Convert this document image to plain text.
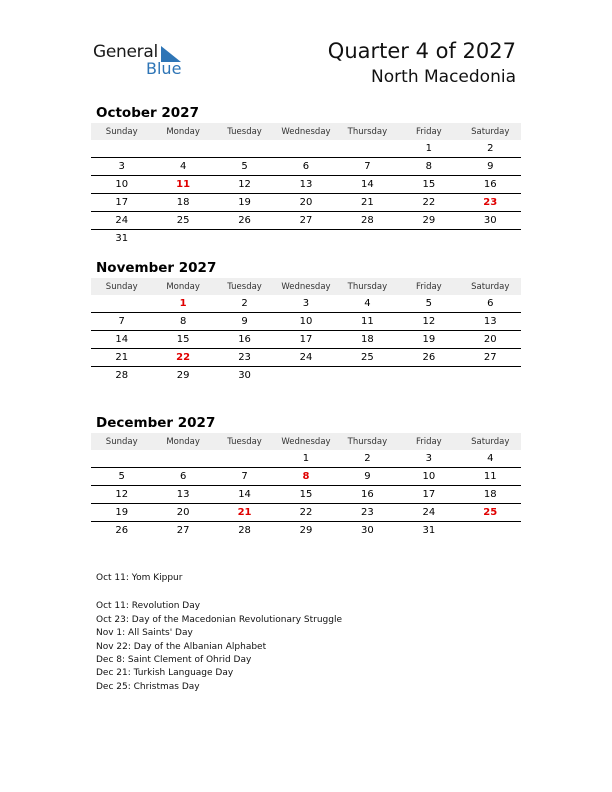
General
Blue
Quarter 4 of 2027
North Macedonia
October 2027
Sunday	Monday	Tuesday	Wednesday	Thursday	Friday	Saturday
					1	2
3	4	5	6	7	8	9
10	11	12	13	14	15	16
17	18	19	20	21	22	23
24	25	26	27	28	29	30
31						
November 2027
Sunday	Monday	Tuesday	Wednesday	Thursday	Friday	Saturday
	1	2	3	4	5	6
7	8	9	10	11	12	13
14	15	16	17	18	19	20
21	22	23	24	25	26	27
28	29	30				
December 2027
Sunday	Monday	Tuesday	Wednesday	Thursday	Friday	Saturday
			1	2	3	4
5	6	7	8	9	10	11
12	13	14	15	16	17	18
19	20	21	22	23	24	25
26	27	28	29	30	31	
Oct 11: Yom Kippur
Oct 11: Revolution Day
Oct 23: Day of the Macedonian Revolutionary Struggle
Nov 1: All Saints' Day
Nov 22: Day of the Albanian Alphabet
Dec 8: Saint Clement of Ohrid Day
Dec 21: Turkish Language Day
Dec 25: Christmas Day
